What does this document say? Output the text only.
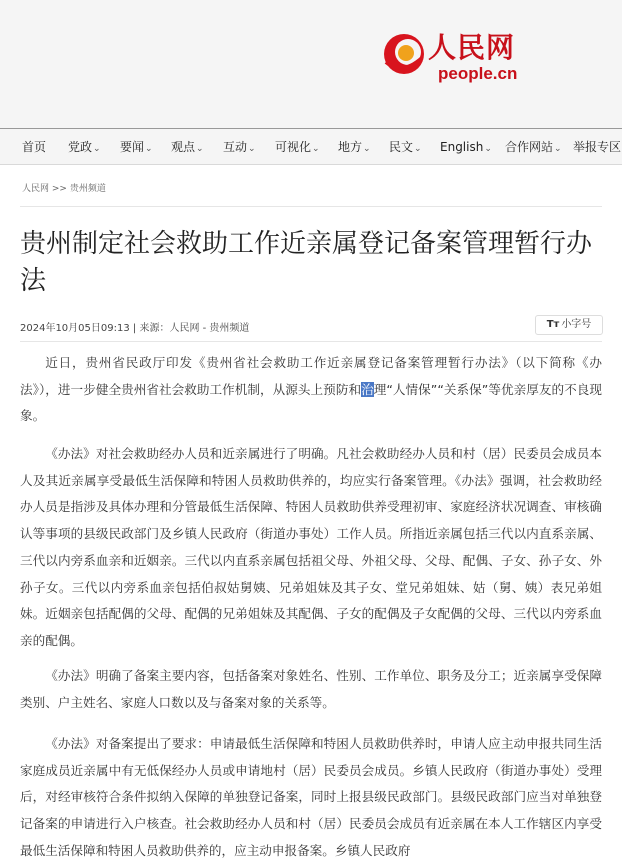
人民网
people.cn
首页 党政⌄ 要闻⌄ 观点⌄ 互动⌄ 可视化⌄ 地方⌄ 民文⌄ English⌄ 合作网站⌄ 举报专区
人民网 >> 贵州频道
贵州制定社会救助工作近亲属登记备案管理暂行办法
2024年10月05日09:13 | 来源：人民网 - 贵州频道	Tт 小字号

近日，贵州省民政厅印发《贵州省社会救助工作近亲属登记备案管理暂行办法》（以下简称《办法》），进一步健全贵州省社会救助工作机制，从源头上预防和治理“人情保”“关系保”等优亲厚友的不良现象。

《办法》对社会救助经办人员和近亲属进行了明确。凡社会救助经办人员和村（居）民委员会成员本人及其近亲属享受最低生活保障和特困人员救助供养的，均应实行备案管理。《办法》强调，社会救助经办人员是指涉及具体办理和分管最低生活保障、特困人员救助供养受理初审、家庭经济状况调查、审核确认等事项的县级民政部门及乡镇人民政府（街道办事处）工作人员。所指近亲属包括三代以内直系亲属、三代以内旁系血亲和近姻亲。三代以内直系亲属包括祖父母、外祖父母、父母、配偶、子女、孙子女、外孙子女。三代以内旁系血亲包括伯叔姑舅姨、兄弟姐妹及其子女、堂兄弟姐妹、姑（舅、姨）表兄弟姐妹。近姻亲包括配偶的父母、配偶的兄弟姐妹及其配偶、子女的配偶及子女配偶的父母、三代以内旁系血亲的配偶。

《办法》明确了备案主要内容，包括备案对象姓名、性别、工作单位、职务及分工；近亲属享受保障类别、户主姓名、家庭人口数以及与备案对象的关系等。

《办法》对备案提出了要求：申请最低生活保障和特困人员救助供养时，申请人应主动申报共同生活家庭成员近亲属中有无低保经办人员或申请地村（居）民委员会成员。乡镇人民政府（街道办事处）受理后，对经审核符合条件拟纳入保障的单独登记备案，同时上报县级民政部门。县级民政部门应当对单独登记备案的申请进行入户核查。社会救助经办人员和村（居）民委员会成员有近亲属在本人工作辖区内享受最低生活保障和特困人员救助供养的，应主动申报备案。乡镇人民政府
